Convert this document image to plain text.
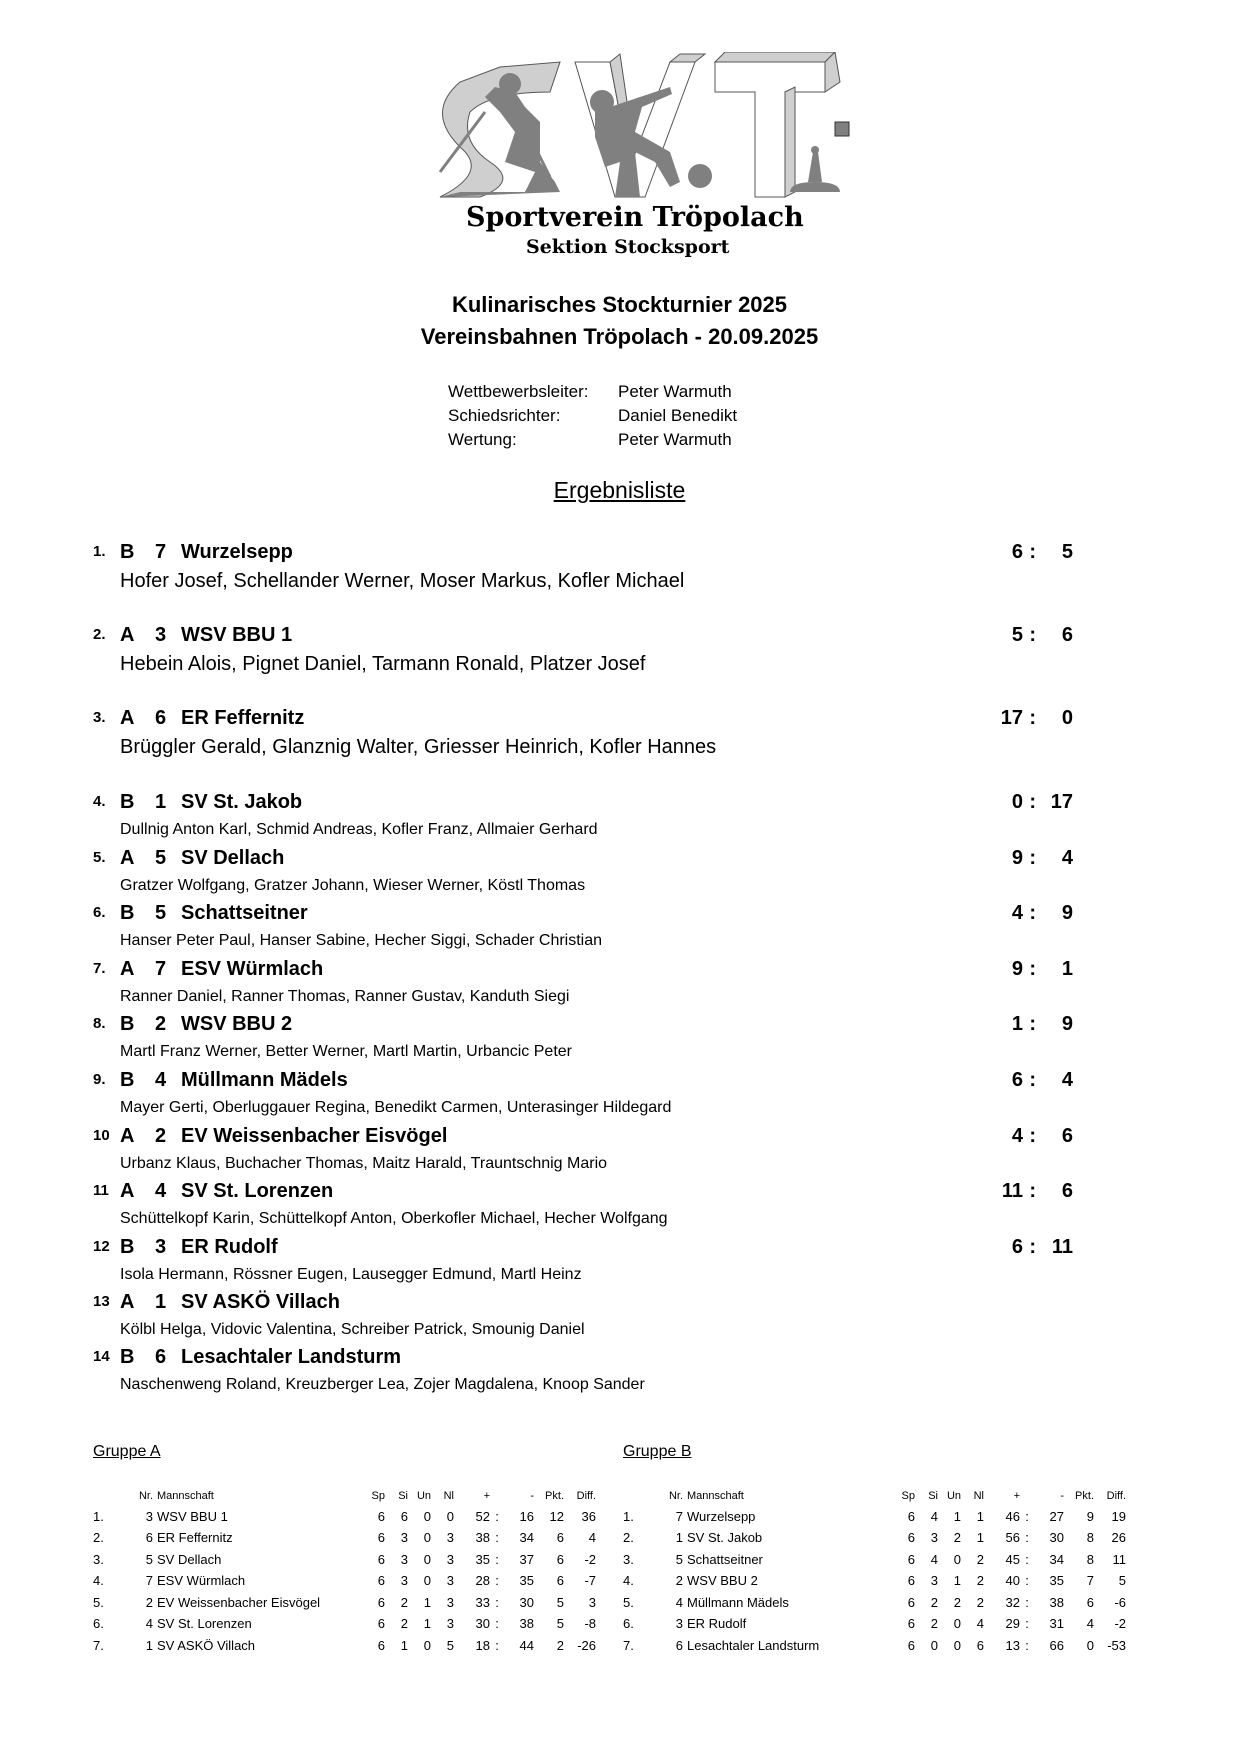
Sportverein Tröpolach
Sektion Stocksport
Kulinarisches Stockturnier 2025
Vereinsbahnen Tröpolach - 20.09.2025
Wettbewerbsleiter:	Peter Warmuth
Schiedsrichter:	Daniel Benedikt
Wertung:	Peter Warmuth
Ergebnisliste
1. B 7 Wurzelsepp	6 :	5
Hofer Josef, Schellander Werner, Moser Markus, Kofler Michael
2. A 3 WSV BBU 1	5 :	6
Hebein Alois, Pignet Daniel, Tarmann Ronald, Platzer Josef
3. A 6 ER Feffernitz	17 :	0
Brüggler Gerald, Glanznig Walter, Griesser Heinrich, Kofler Hannes
4. B 1 SV St. Jakob	0 : 17
Dullnig Anton Karl, Schmid Andreas, Kofler Franz, Allmaier Gerhard
5. A 5 SV Dellach	9 :	4
Gratzer Wolfgang, Gratzer Johann, Wieser Werner, Köstl Thomas
6. B 5 Schattseitner	4 :	9
Hanser Peter Paul, Hanser Sabine, Hecher Siggi, Schader Christian
7. A 7 ESV Würmlach	9 :	1
Ranner Daniel, Ranner Thomas, Ranner Gustav, Kanduth Siegi
8. B 2 WSV BBU 2	1 :	9
Martl Franz Werner, Better Werner, Martl Martin, Urbancic Peter
9. B 4 Müllmann Mädels	6 :	4
Mayer Gerti, Oberluggauer Regina, Benedikt Carmen, Unterasinger Hildegard
10 A 2 EV Weissenbacher Eisvögel	4 :	6
Urbanz Klaus, Buchacher Thomas, Maitz Harald, Trauntschnig Mario
11 A 4 SV St. Lorenzen	11 :	6
Schüttelkopf Karin, Schüttelkopf Anton, Oberkofler Michael, Hecher Wolfgang
12 B 3 ER Rudolf	6 : 11
Isola Hermann, Rössner Eugen, Lausegger Edmund, Martl Heinz
13 A 1 SV ASKÖ Villach
Kölbl Helga, Vidovic Valentina, Schreiber Patrick, Smounig Daniel
14 B 6 Lesachtaler Landsturm
Naschenweng Roland, Kreuzberger Lea, Zojer Magdalena, Knoop Sander
Gruppe A	Gruppe B
	Nr.	Mannschaft	Sp	Si	Un	Nl	+		-	Pkt.	Diff.
1.	3	WSV BBU 1	6	6	0	0	52	:	16	12	36
2.	6	ER Feffernitz	6	3	0	3	38	:	34	6	4
3.	5	SV Dellach	6	3	0	3	35	:	37	6	-2
4.	7	ESV Würmlach	6	3	0	3	28	:	35	6	-7
5.	2	EV Weissenbacher Eisvögel	6	2	1	3	33	:	30	5	3
6.	4	SV St. Lorenzen	6	2	1	3	30	:	38	5	-8
7.	1	SV ASKÖ Villach	6	1	0	5	18	:	44	2	-26
	Nr.	Mannschaft	Sp	Si	Un	Nl	+		-	Pkt.	Diff.
1.	7	Wurzelsepp	6	4	1	1	46	:	27	9	19
2.	1	SV St. Jakob	6	3	2	1	56	:	30	8	26
3.	5	Schattseitner	6	4	0	2	45	:	34	8	11
4.	2	WSV BBU 2	6	3	1	2	40	:	35	7	5
5.	4	Müllmann Mädels	6	2	2	2	32	:	38	6	-6
6.	3	ER Rudolf	6	2	0	4	29	:	31	4	-2
7.	6	Lesachtaler Landsturm	6	0	0	6	13	:	66	0	-53
